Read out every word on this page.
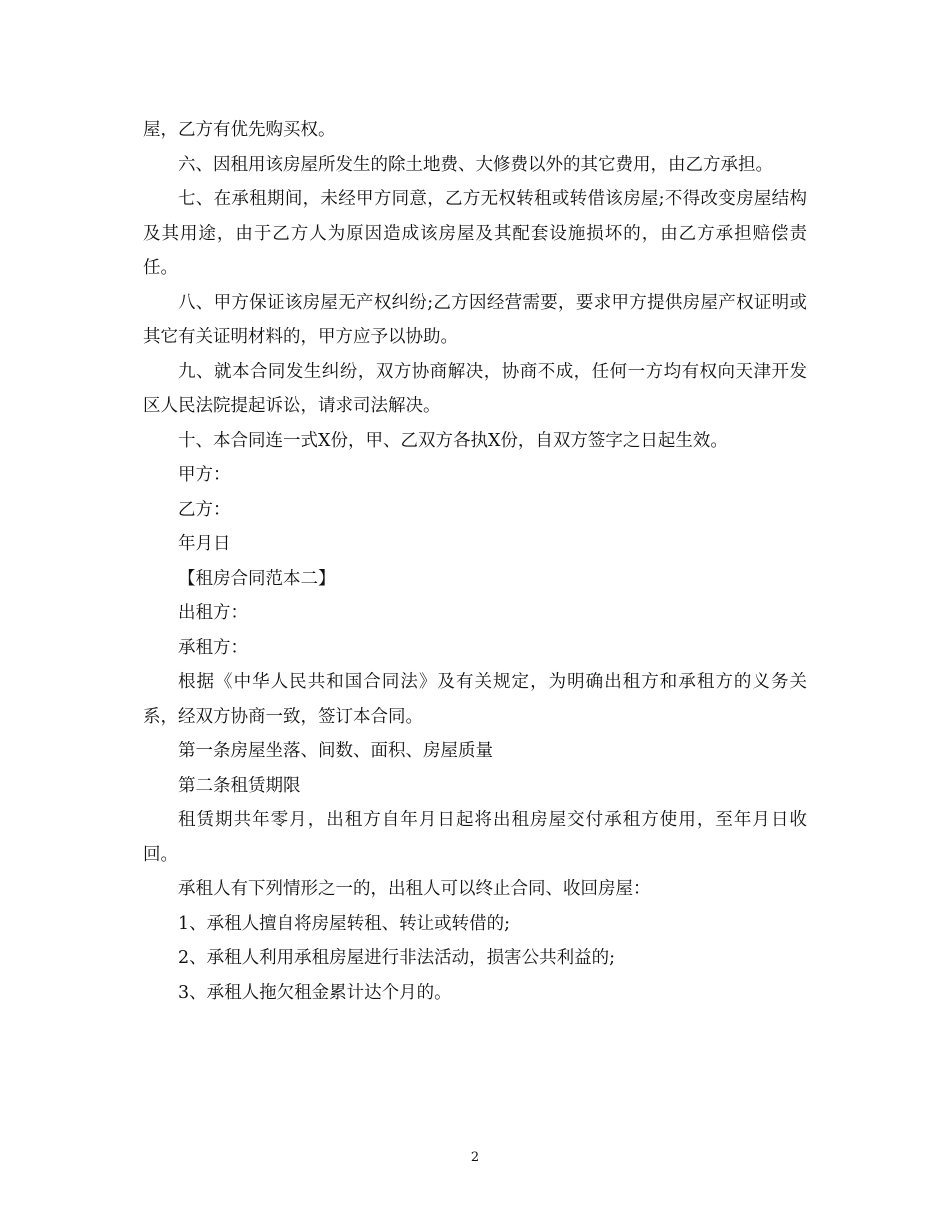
屋，乙方有优先购买权。

六、因租用该房屋所发生的除土地费、大修费以外的其它费用，由乙方承担。

七、在承租期间，未经甲方同意，乙方无权转租或转借该房屋;不得改变房屋结构及其用途，由于乙方人为原因造成该房屋及其配套设施损坏的，由乙方承担赔偿责任。

八、甲方保证该房屋无产权纠纷;乙方因经营需要，要求甲方提供房屋产权证明或其它有关证明材料的，甲方应予以协助。

九、就本合同发生纠纷，双方协商解决，协商不成，任何一方均有权向天津开发区人民法院提起诉讼，请求司法解决。

十、本合同连一式X份，甲、乙双方各执X份，自双方签字之日起生效。

甲方：

乙方：

年月日

【租房合同范本二】

出租方：

承租方：

根据《中华人民共和国合同法》及有关规定，为明确出租方和承租方的义务关系，经双方协商一致，签订本合同。

第一条房屋坐落、间数、面积、房屋质量

第二条租赁期限

租赁期共年零月，出租方自年月日起将出租房屋交付承租方使用，至年月日收回。

承租人有下列情形之一的，出租人可以终止合同、收回房屋：

1、承租人擅自将房屋转租、转让或转借的;

2、承租人利用承租房屋进行非法活动，损害公共利益的;

3、承租人拖欠租金累计达个月的。

2
